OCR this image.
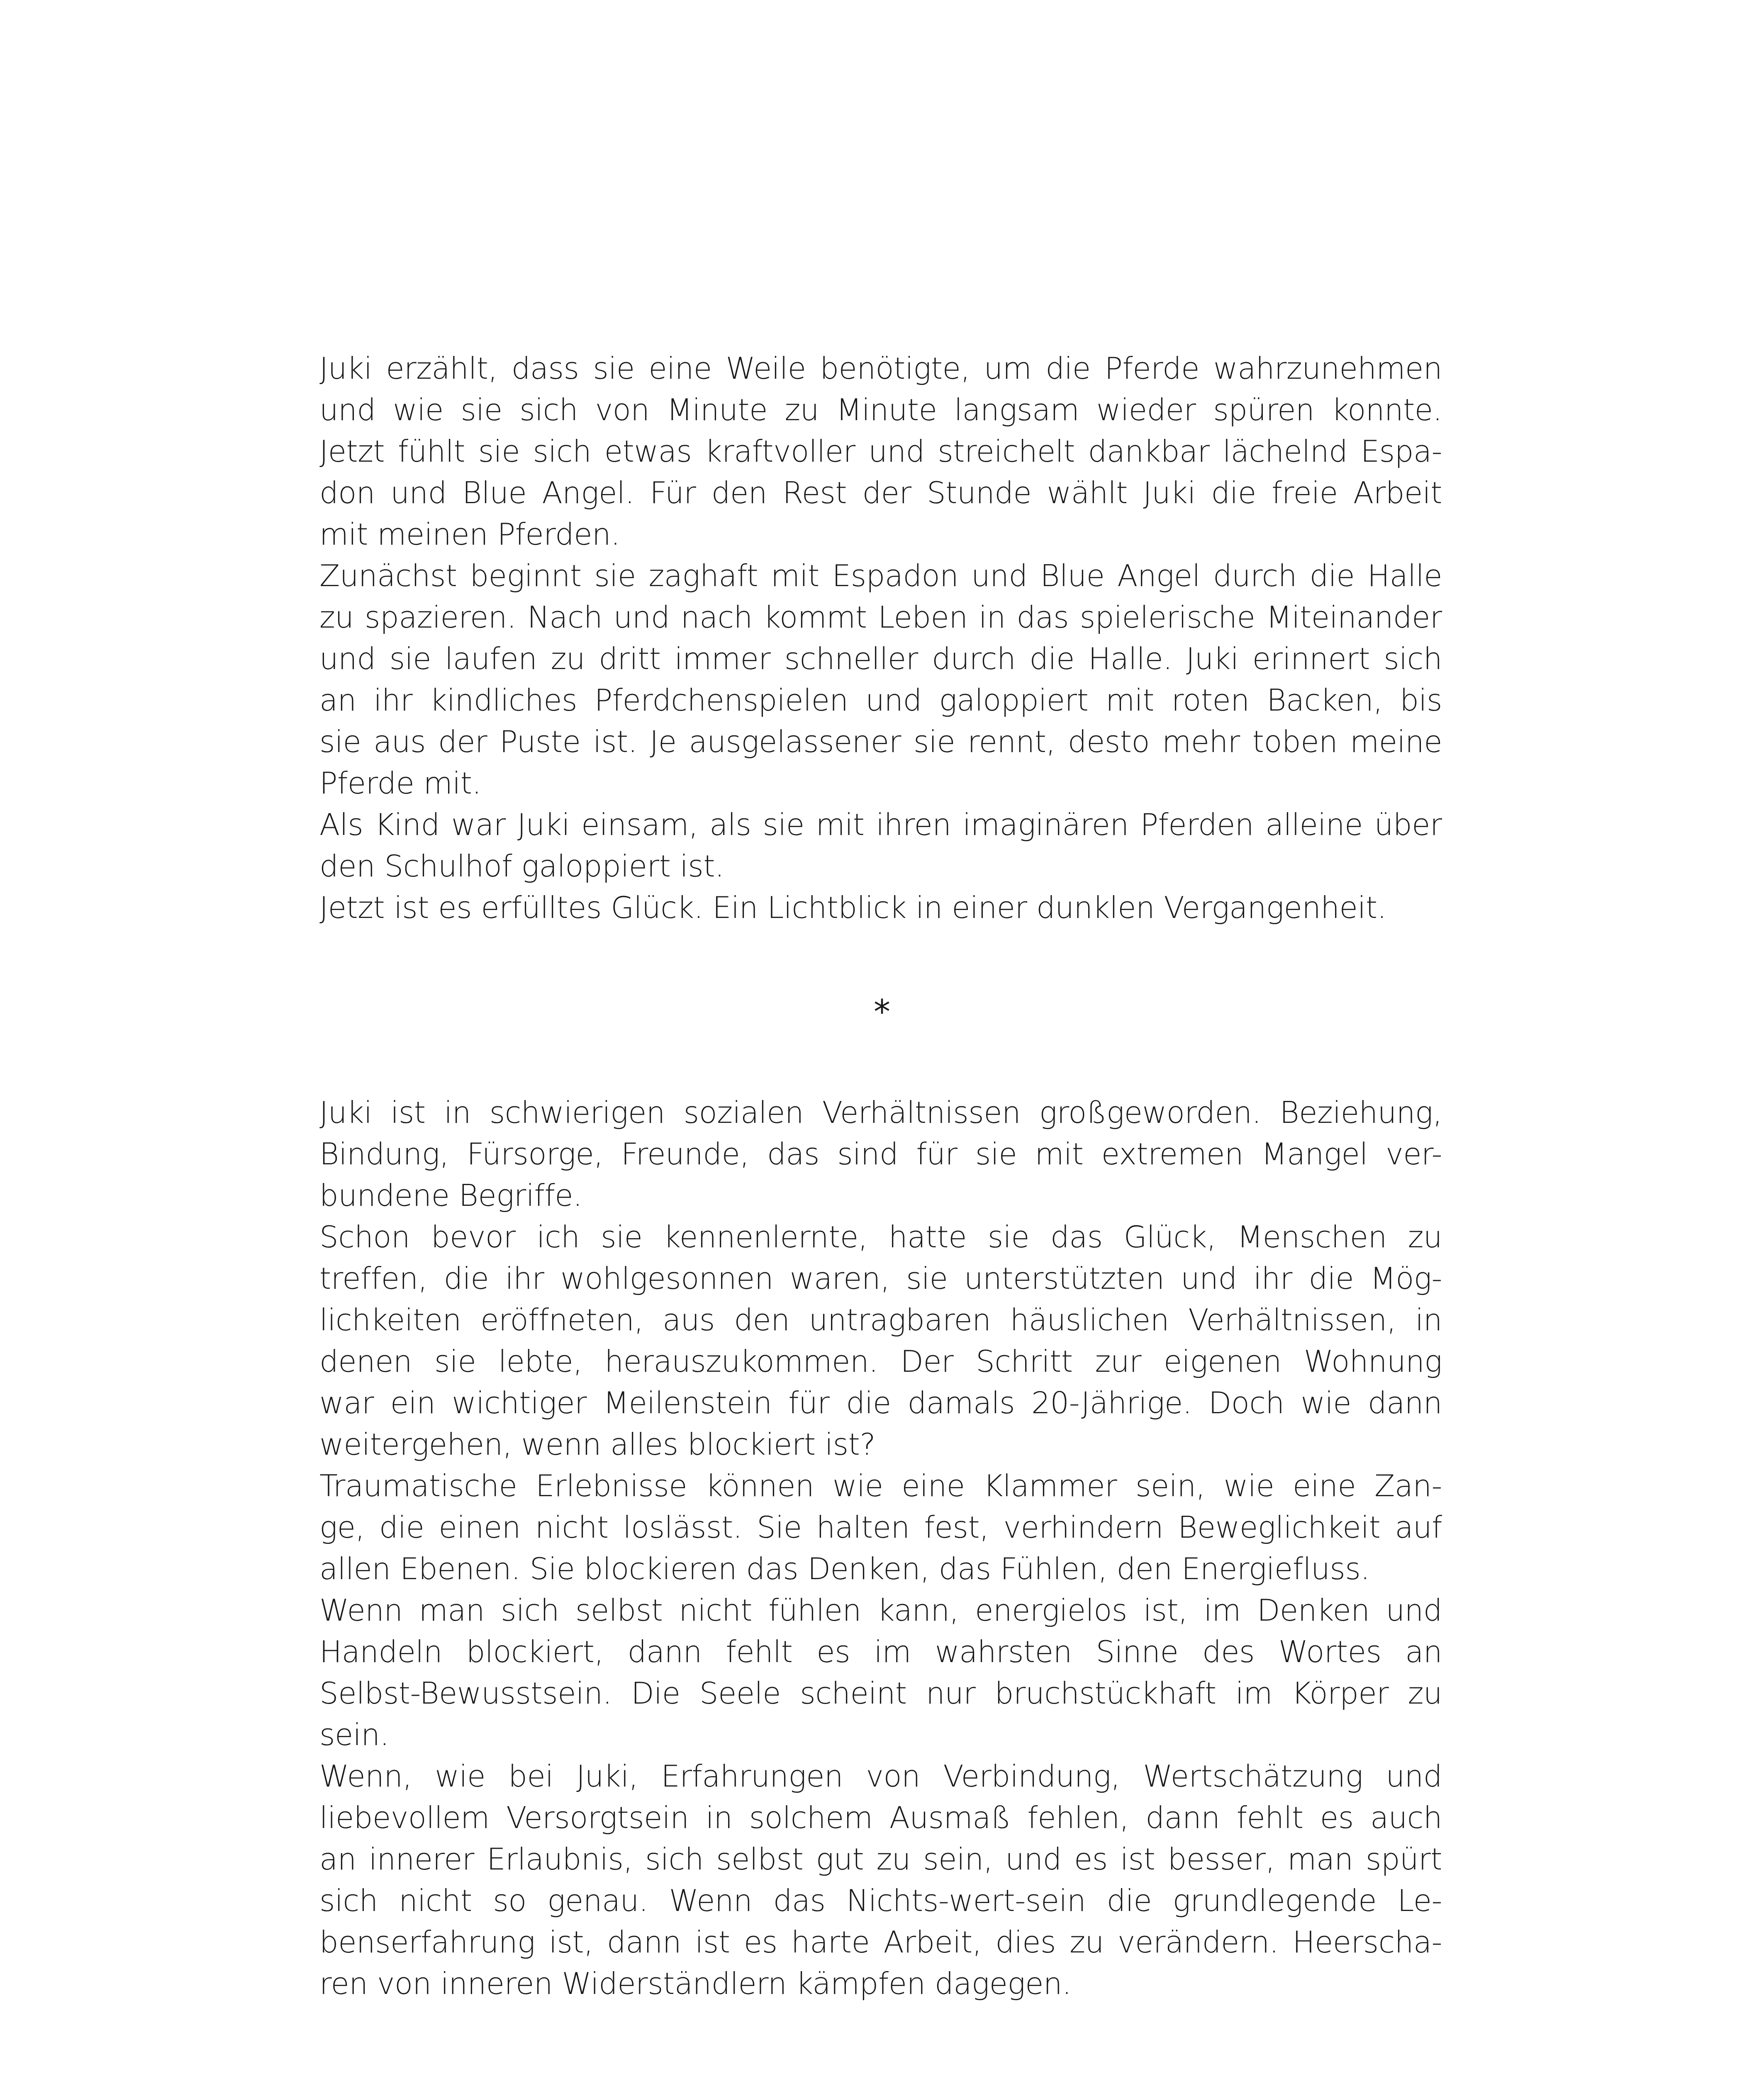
Juki erzählt, dass sie eine Weile benötigte, um die Pferde wahrzunehmen
und wie sie sich von Minute zu Minute langsam wieder spüren konnte.
Jetzt fühlt sie sich etwas kraftvoller und streichelt dankbar lächelnd Espa-
don und Blue Angel. Für den Rest der Stunde wählt Juki die freie Arbeit
mit meinen Pferden.
Zunächst beginnt sie zaghaft mit Espadon und Blue Angel durch die Halle
zu spazieren. Nach und nach kommt Leben in das spielerische Miteinander
und sie laufen zu dritt immer schneller durch die Halle. Juki erinnert sich
an ihr kindliches Pferdchenspielen und galoppiert mit roten Backen, bis
sie aus der Puste ist. Je ausgelassener sie rennt, desto mehr toben meine
Pferde mit.
Als Kind war Juki einsam, als sie mit ihren imaginären Pferden alleine über
den Schulhof galoppiert ist.
Jetzt ist es erfülltes Glück. Ein Lichtblick in einer dunklen Vergangenheit.
*
Juki ist in schwierigen sozialen Verhältnissen großgeworden. Beziehung,
Bindung, Fürsorge, Freunde, das sind für sie mit extremen Mangel ver-
bundene Begriffe.
Schon bevor ich sie kennenlernte, hatte sie das Glück, Menschen zu
treffen, die ihr wohlgesonnen waren, sie unterstützten und ihr die Mög-
lichkeiten eröffneten, aus den untragbaren häuslichen Verhältnissen, in
denen sie lebte, herauszukommen. Der Schritt zur eigenen Wohnung
war ein wichtiger Meilenstein für die damals 20-Jährige. Doch wie dann
weitergehen, wenn alles blockiert ist?
Traumatische Erlebnisse können wie eine Klammer sein, wie eine Zan-
ge, die einen nicht loslässt. Sie halten fest, verhindern Beweglichkeit auf
allen Ebenen. Sie blockieren das Denken, das Fühlen, den Energiefluss.
Wenn man sich selbst nicht fühlen kann, energielos ist, im Denken und
Handeln blockiert, dann fehlt es im wahrsten Sinne des Wortes an
Selbst-Bewusstsein. Die Seele scheint nur bruchstückhaft im Körper zu
sein.
Wenn, wie bei Juki, Erfahrungen von Verbindung, Wertschätzung und
liebevollem Versorgtsein in solchem Ausmaß fehlen, dann fehlt es auch
an innerer Erlaubnis, sich selbst gut zu sein, und es ist besser, man spürt
sich nicht so genau. Wenn das Nichts-wert-sein die grundlegende Le-
benserfahrung ist, dann ist es harte Arbeit, dies zu verändern. Heerscha-
ren von inneren Widerständlern kämpfen dagegen.
